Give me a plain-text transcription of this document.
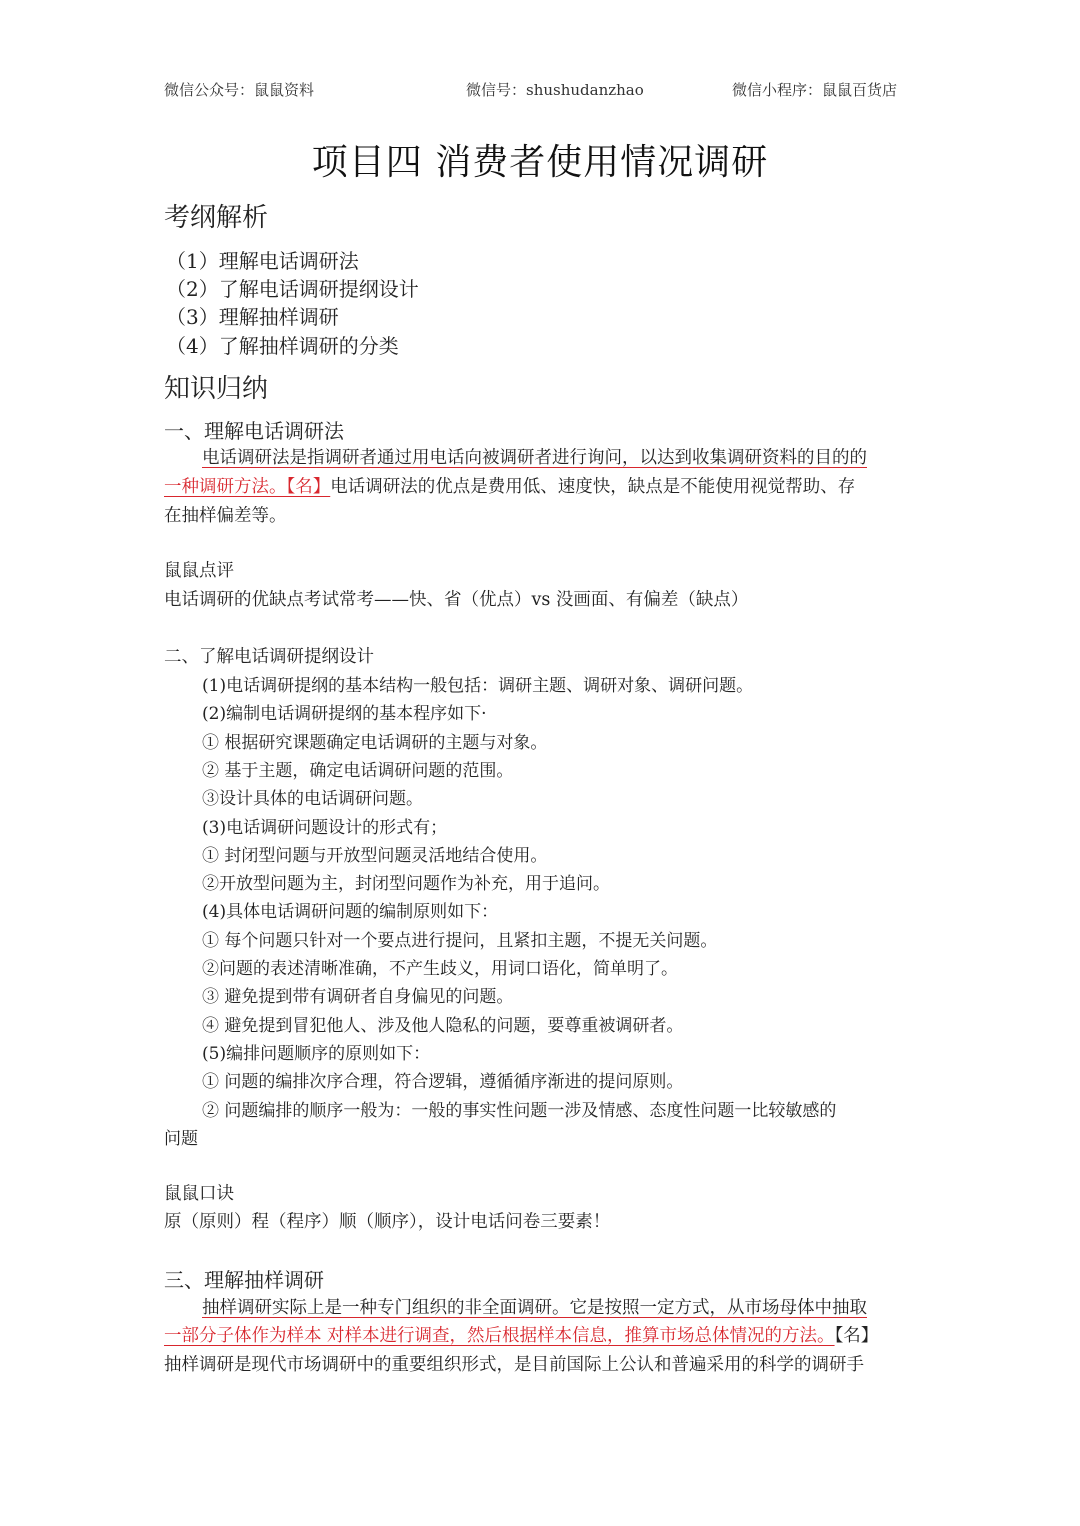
微信公众号：鼠鼠资料	微信号：shushudanzhao	微信小程序：鼠鼠百货店
项目四 消费者使用情况调研
考纲解析
（1）理解电话调研法
（2）了解电话调研提纲设计
（3）理解抽样调研
（4）了解抽样调研的分类
知识归纳
一、理解电话调研法
电话调研法是指调研者通过用电话向被调研者进行询问，以达到收集调研资料的目的的
一种调研方法。【名】电话调研法的优点是费用低、速度快，缺点是不能使用视觉帮助、存
在抽样偏差等。
鼠鼠点评
电话调研的优缺点考试常考——快、省（优点）vs 没画面、有偏差（缺点）
二、了解电话调研提纲设计
(1)电话调研提纲的基本结构一般包括：调研主题、调研对象、调研问题。
(2)编制电话调研提纲的基本程序如下·
① 根据研究课题确定电话调研的主题与对象。
② 基于主题，确定电话调研问题的范围。
③设计具体的电话调研问题。
(3)电话调研问题设计的形式有；
① 封闭型问题与开放型问题灵活地结合使用。
②开放型问题为主，封闭型问题作为补充，用于追问。
(4)具体电话调研问题的编制原则如下：
① 每个问题只针对一个要点进行提问，且紧扣主题，不提无关问题。
②问题的表述清晰准确，不产生歧义，用词口语化，简单明了。
③ 避免提到带有调研者自身偏见的问题。
④ 避免提到冒犯他人、涉及他人隐私的问题，要尊重被调研者。
(5)编排问题顺序的原则如下：
① 问题的编排次序合理，符合逻辑，遵循循序渐进的提问原则。
② 问题编排的顺序一般为：一般的事实性问题一涉及情感、态度性问题一比较敏感的
问题
鼠鼠口诀
原（原则）程（程序）顺（顺序），设计电话问卷三要素！
三、理解抽样调研
抽样调研实际上是一种专门组织的非全面调研。它是按照一定方式，从市场母体中抽取
一部分子体作为样本 对样本进行调查，然后根据样本信息，推算市场总体情况的方法。【名】
抽样调研是现代市场调研中的重要组织形式，是目前国际上公认和普遍采用的科学的调研手
